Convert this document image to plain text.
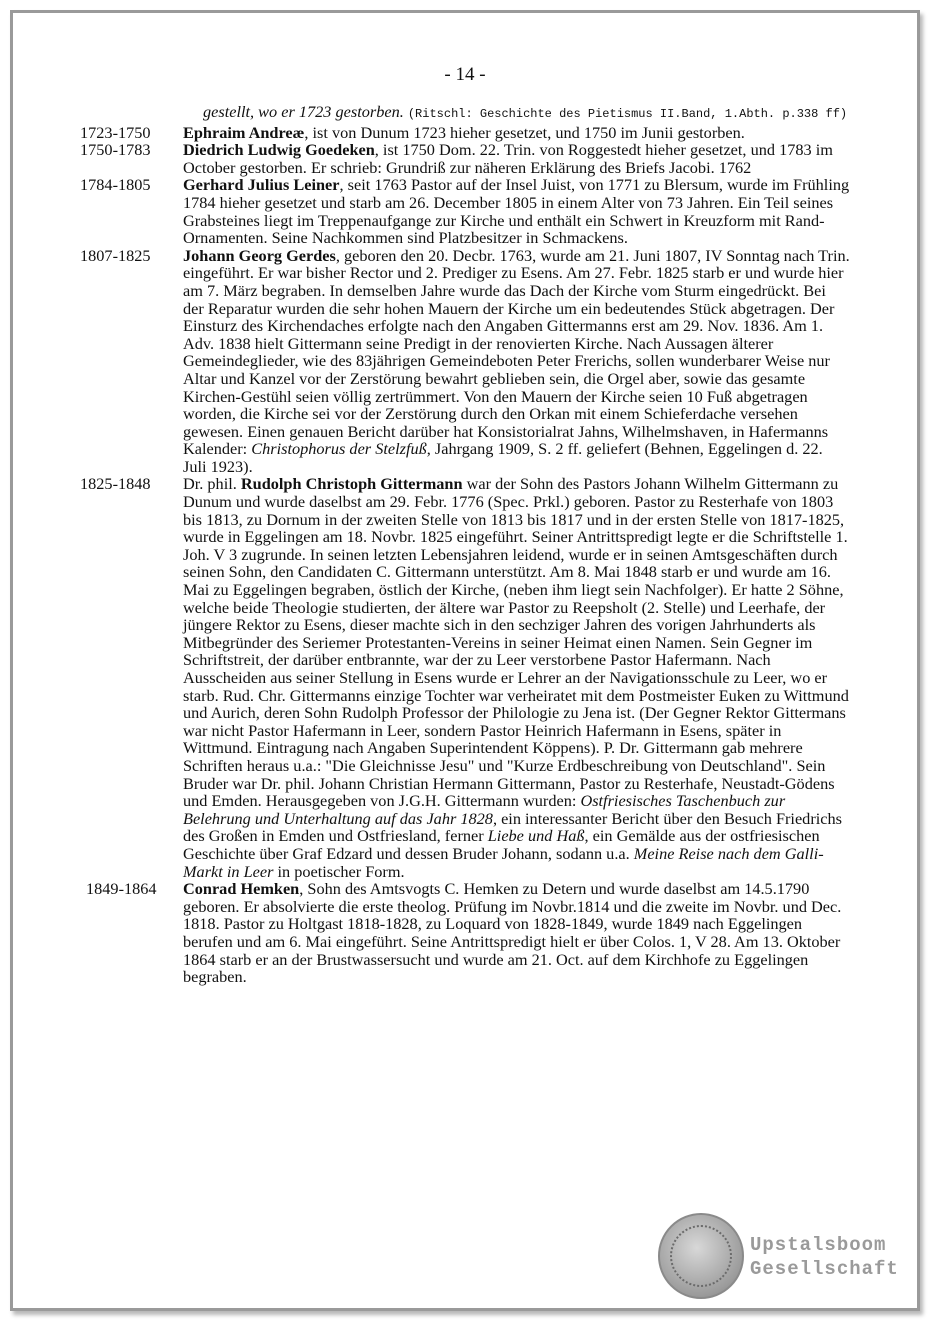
- 14 -
gestellt, wo er 1723 gestorben. (Ritschl: Geschichte des Pietismus II.Band, 1.Abth. p.338 ff)
1723-1750	Ephraim Andreæ, ist von Dunum 1723 hieher gesetzet, und 1750 im Junii gestorben.
1750-1783	Diedrich Ludwig Goedeken, ist 1750 Dom. 22. Trin. von Roggestedt hieher gesetzet, und 1783 im October gestorben. Er schrieb: Grundriß zur näheren Erklärung des Briefs Jacobi. 1762
1784-1805	Gerhard Julius Leiner, seit 1763 Pastor auf der Insel Juist, von 1771 zu Blersum, wurde im Frühling 1784 hieher gesetzet und starb am 26. December 1805 in einem Alter von 73 Jahren. Ein Teil seines Grabsteines liegt im Treppenaufgange zur Kirche und enthält ein Schwert in Kreuzform mit Rand-Ornamenten. Seine Nachkommen sind Platzbesitzer in Schmackens.
1807-1825	Johann Georg Gerdes, geboren den 20. Decbr. 1763, wurde am 21. Juni 1807, IV Sonntag nach Trin. eingeführt. Er war bisher Rector und 2. Prediger zu Esens. Am 27. Febr. 1825 starb er und wurde hier am 7. März begraben. In demselben Jahre wurde das Dach der Kirche vom Sturm eingedrückt. Bei der Reparatur wurden die sehr hohen Mauern der Kirche um ein bedeutendes Stück abgetragen. Der Einsturz des Kirchendaches erfolgte nach den Angaben Gittermanns erst am 29. Nov. 1836. Am 1. Adv. 1838 hielt Gittermann seine Predigt in der renovierten Kirche. Nach Aussagen älterer Gemeindeglieder, wie des 83jährigen Gemeindeboten Peter Frerichs, sollen wunderbarer Weise nur Altar und Kanzel vor der Zerstörung bewahrt geblieben sein, die Orgel aber, sowie das gesamte Kirchen-Gestühl seien völlig zertrümmert. Von den Mauern der Kirche seien 10 Fuß abgetragen worden, die Kirche sei vor der Zerstörung durch den Orkan mit einem Schieferdache versehen gewesen. Einen genauen Bericht darüber hat Konsistorialrat Jahns, Wilhelmshaven, in Hafermanns Kalender: Christophorus der Stelzfuß, Jahrgang 1909, S. 2 ff. geliefert (Behnen, Eggelingen d. 22. Juli 1923).
1825-1848	Dr. phil. Rudolph Christoph Gittermann war der Sohn des Pastors Johann Wilhelm Gittermann zu Dunum und wurde daselbst am 29. Febr. 1776 (Spec. Prkl.) geboren. Pastor zu Resterhafe von 1803 bis 1813, zu Dornum in der zweiten Stelle von 1813 bis 1817 und in der ersten Stelle von 1817-1825, wurde in Eggelingen am 18. Novbr. 1825 eingeführt. Seiner Antrittspredigt legte er die Schriftstelle 1. Joh. V 3 zugrunde. In seinen letzten Lebensjahren leidend, wurde er in seinen Amtsgeschäften durch seinen Sohn, den Candidaten C. Gittermann unterstützt. Am 8. Mai 1848 starb er und wurde am 16. Mai zu Eggelingen begraben, östlich der Kirche, (neben ihm liegt sein Nachfolger). Er hatte 2 Söhne, welche beide Theologie studierten, der ältere war Pastor zu Reepsholt (2. Stelle) und Leerhafe, der jüngere Rektor zu Esens, dieser machte sich in den sechziger Jahren des vorigen Jahrhunderts als Mitbegründer des Seriemer Protestanten-Vereins in seiner Heimat einen Namen. Sein Gegner im Schriftstreit, der darüber entbrannte, war der zu Leer verstorbene Pastor Hafermann. Nach Ausscheiden aus seiner Stellung in Esens wurde er Lehrer an der Navigationsschule zu Leer, wo er starb. Rud. Chr. Gittermanns einzige Tochter war verheiratet mit dem Postmeister Euken zu Wittmund und Aurich, deren Sohn Rudolph Professor der Philologie zu Jena ist. (Der Gegner Rektor Gittermans war nicht Pastor Hafermann in Leer, sondern Pastor Heinrich Hafermann in Esens, später in Wittmund. Eintragung nach Angaben Superintendent Köppens). P. Dr. Gittermann gab mehrere Schriften heraus u.a.: "Die Gleichnisse Jesu" und "Kurze Erdbeschreibung von Deutschland". Sein Bruder war Dr. phil. Johann Christian Hermann Gittermann, Pastor zu Resterhafe, Neustadt-Gödens und Emden. Herausgegeben von J.G.H. Gittermann wurden: Ostfriesisches Taschenbuch zur Belehrung und Unterhaltung auf das Jahr 1828, ein interessanter Bericht über den Besuch Friedrichs des Großen in Emden und Ostfriesland, ferner Liebe und Haß, ein Gemälde aus der ostfriesischen Geschichte über Graf Edzard und dessen Bruder Johann, sodann u.a. Meine Reise nach dem Galli-Markt in Leer in poetischer Form.
1849-1864	Conrad Hemken, Sohn des Amtsvogts C. Hemken zu Detern und wurde daselbst am 14.5.1790 geboren. Er absolvierte die erste theolog. Prüfung im Novbr.1814 und die zweite im Novbr. und Dec. 1818. Pastor zu Holtgast 1818-1828, zu Loquard von 1828-1849, wurde 1849 nach Eggelingen berufen und am 6. Mai eingeführt. Seine Antrittspredigt hielt er über Colos. 1, V 28. Am 13. Oktober 1864 starb er an der Brustwassersucht und wurde am 21. Oct. auf dem Kirchhofe zu Eggelingen begraben.
Upstalsboom
Gesellschaft
